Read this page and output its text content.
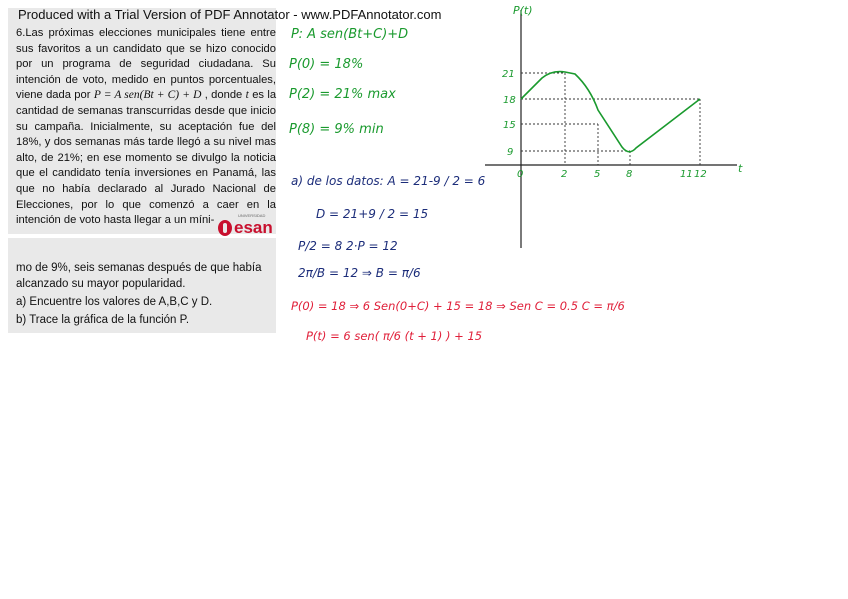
Produced with a Trial Version of PDF Annotator - www.PDFAnnotator.com

6.Las próximas elecciones municipales tiene entre sus favoritos a un candidato que se hizo conocido por un programa de seguridad ciudadana. Su intención de voto, medido en puntos porcentuales, viene dada por P = A sen(Bt + C) + D , donde t es la cantidad de semanas transcurridas desde que inicio su campaña. Inicialmente, su aceptación fue del 18%, y dos semanas más tarde llegó a su nivel mas alto, de 21%; en ese momento se divulgo la noticia que el candidato tenía inversiones en Panamá, las que no había declarado al Jurado Nacional de Elecciones, por lo que comenzó a caer en la intención de voto hasta llegar a un míni-	esan
UNIVERSIDAD

mo de 9%, seis semanas después de que había alcanzado su mayor popularidad.

a) Encuentre los valores de A,B,C y D.

b) Trace la gráfica de la función P.

P: A sen(Bt+C)+D
P(0) = 18%
P(2) = 21% max
P(8) = 9% min
a) de los datos: A = 21-9 / 2 = 6
D = 21+9 / 2 = 15
P/2 = 8 2·P = 12
2π/B = 12 ⇒ B = π/6
P(0) = 18 ⇒ 6 Sen(0+C) + 15 = 18 ⇒ Sen C = 0.5 C = π/6
P(t) = 6 sen( π/6 (t + 1) ) + 15
P(t)
t
21
18
15
9
0	2	5	8	11 12
